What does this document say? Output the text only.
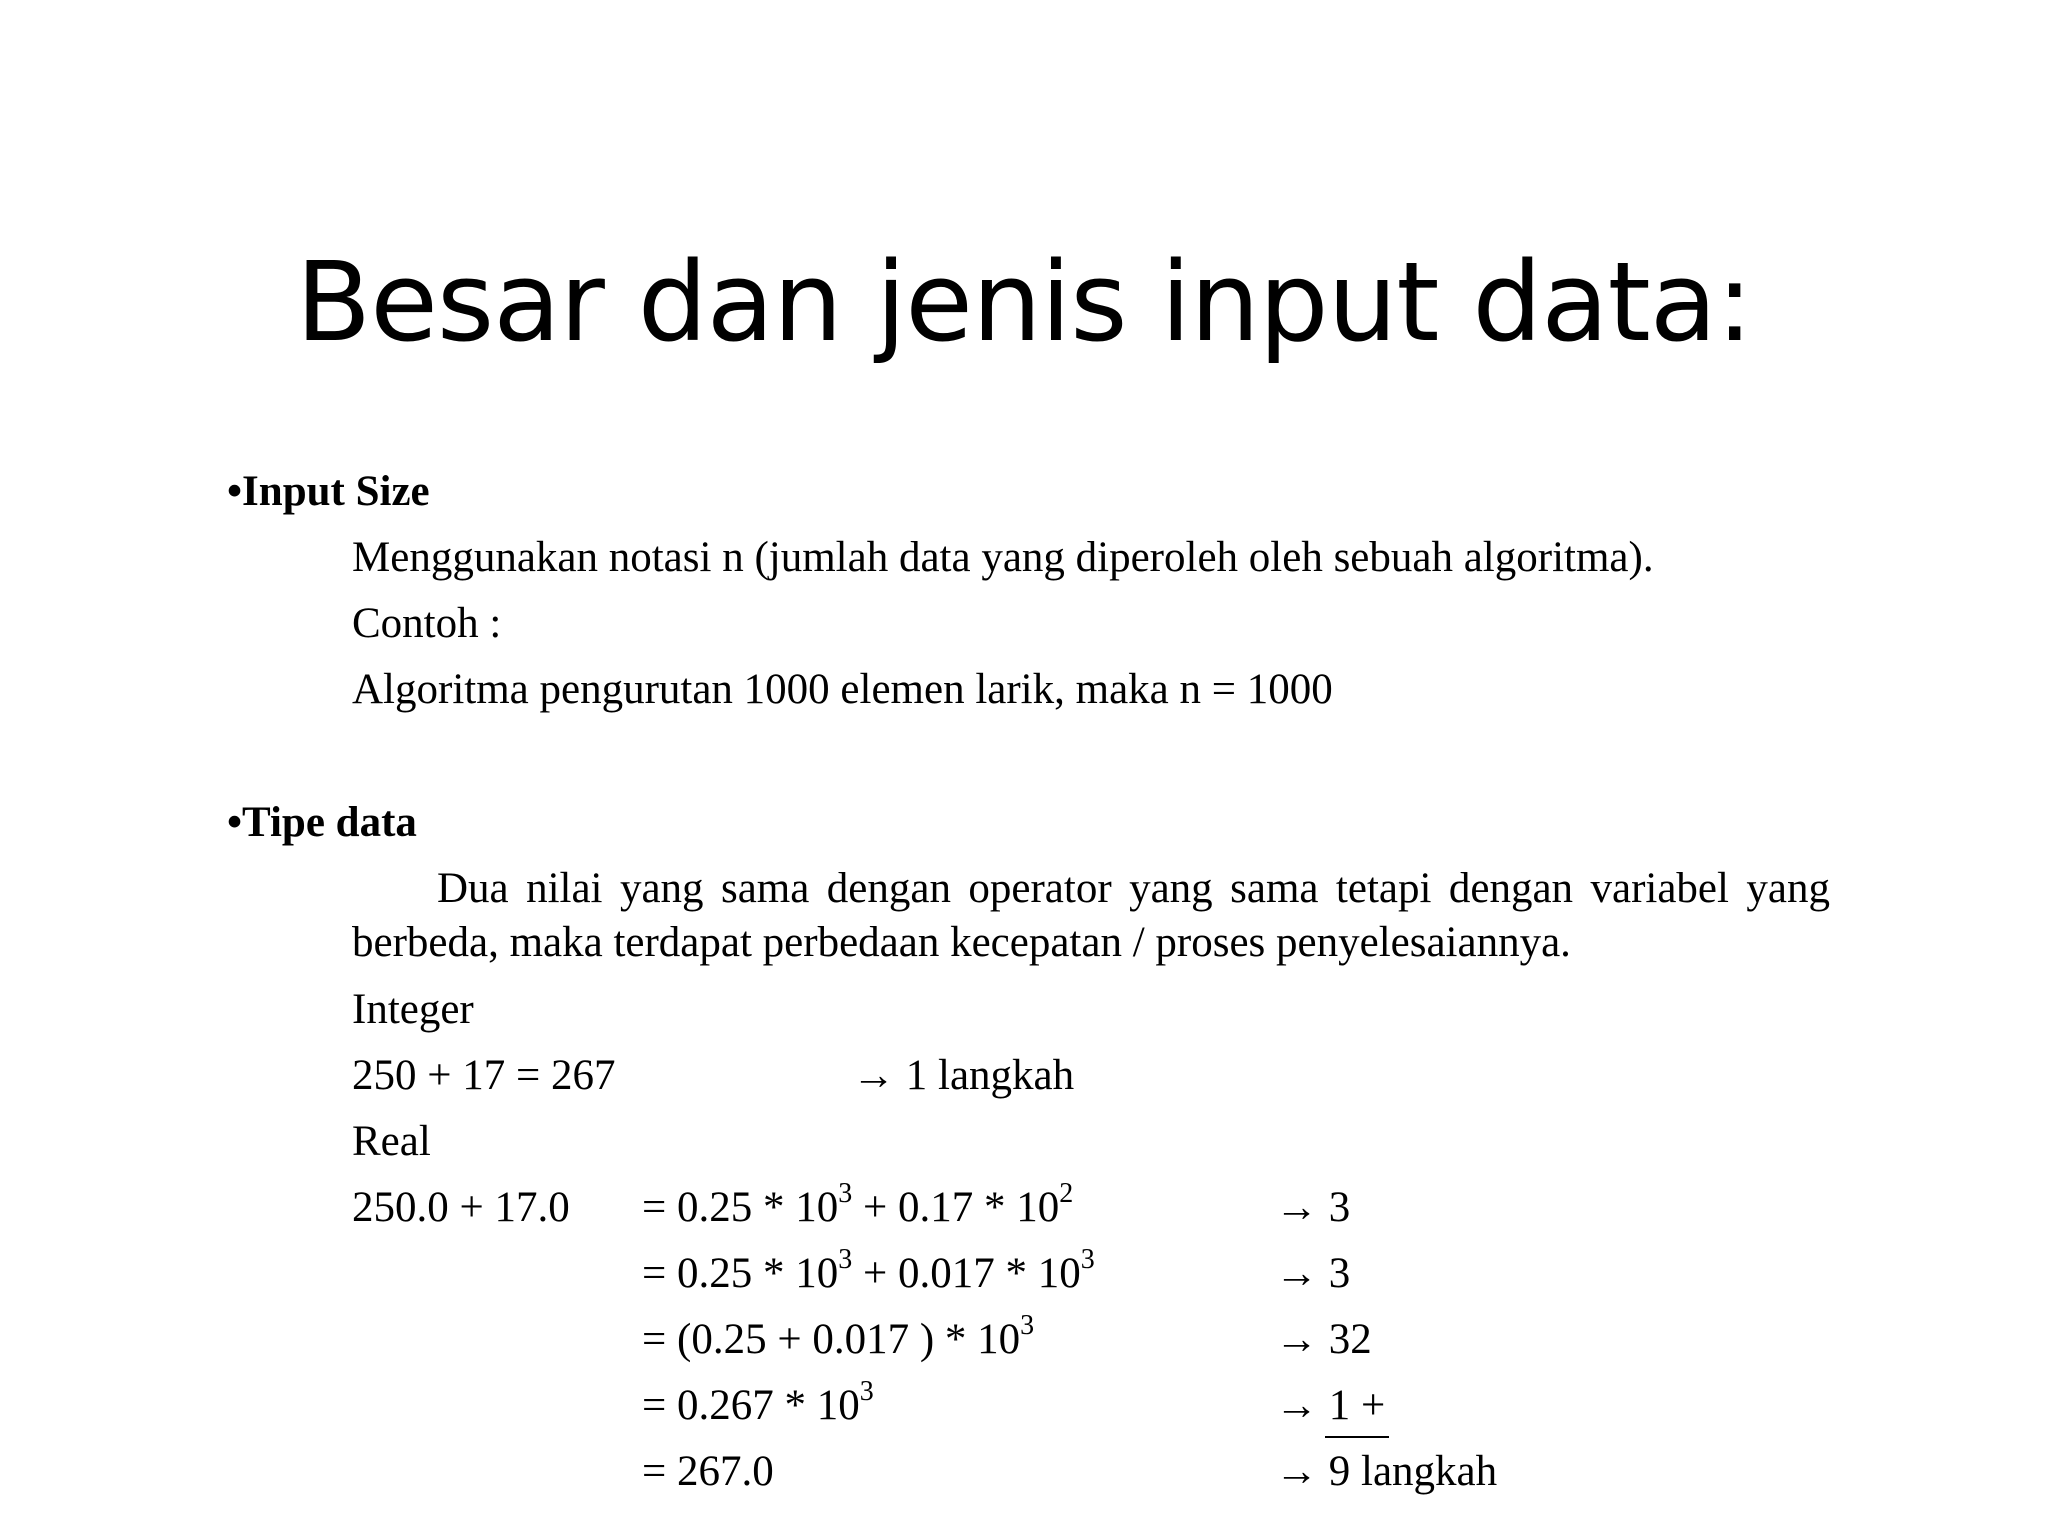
Besar dan jenis input data:
•Input Size
Menggunakan notasi n (jumlah data yang diperoleh oleh sebuah algoritma).
Contoh :
Algoritma pengurutan 1000 elemen larik, maka n = 1000
•Tipe data
Dua nilai yang sama dengan operator yang sama tetapi dengan variabel yang berbeda, maka terdapat perbedaan kecepatan / proses penyelesaiannya.
Integer
250 + 17 = 267	→ 1 langkah
Real
$250.0 + 17.0 = 0.25 * 10^3 + 0.17 * 10^2$	→ 3
= $0.25 * 10^3 + 0.017 * 10^3$	→ 3
= (0.25 + 0.017 ) * $10^3$	→ 32
= $0.267 * 10^3$	→ 1 +
= 267.0	→ 9 langkah
